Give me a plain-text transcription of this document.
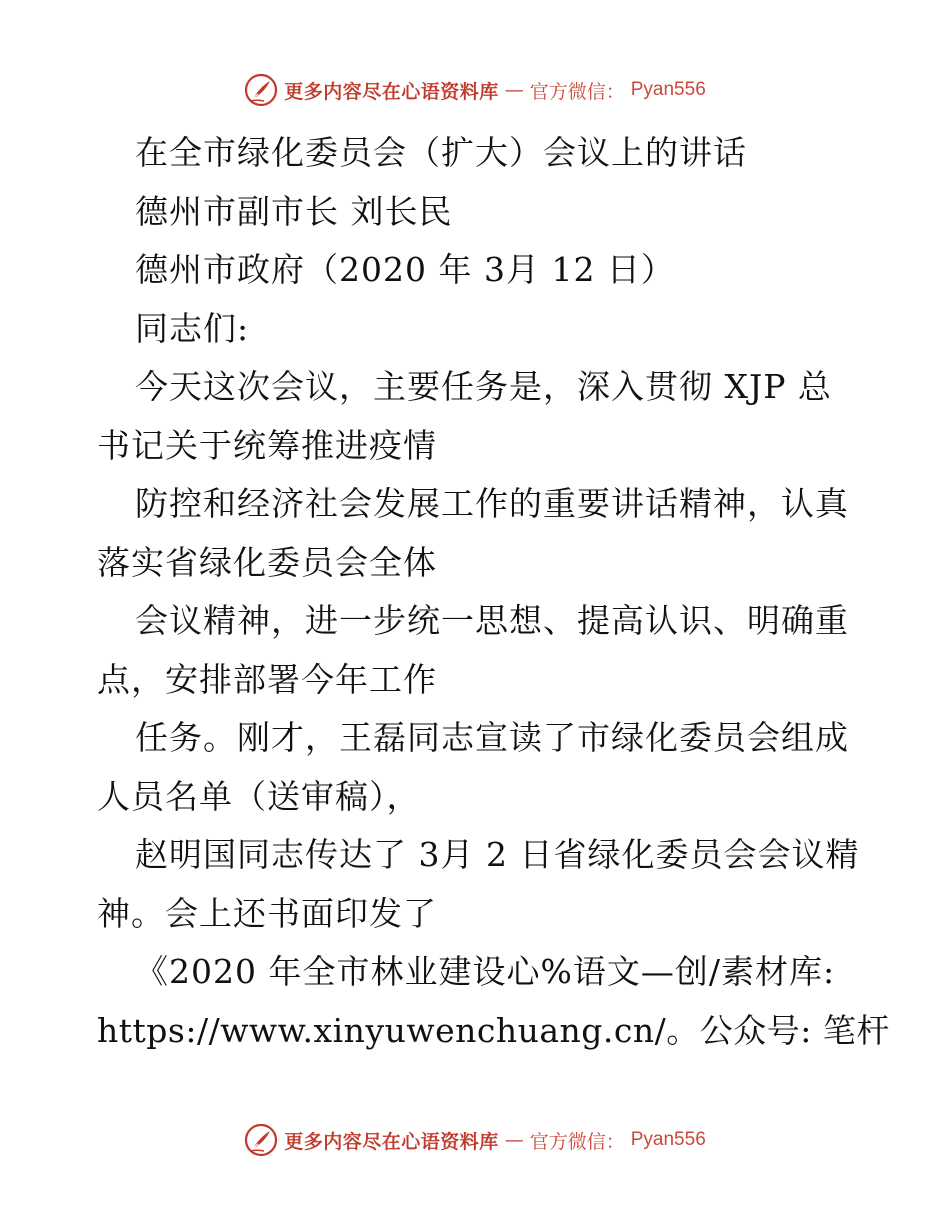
更多内容尽在心语资料库 — 官方微信： Pyan556
在全市绿化委员会（扩大）会议上的讲话
德州市副市长 刘长民
德州市政府（2020 年 3月 12 日）
同志们:
今天这次会议，主要任务是，深入贯彻 XJP 总
书记关于统筹推进疫情
防控和经济社会发展工作的重要讲话精神，认真
落实省绿化委员会全体
会议精神，进一步统一思想、提高认识、明确重
点，安排部署今年工作
任务。刚才，王磊同志宣读了市绿化委员会组成
人员名单（送审稿），
赵明国同志传达了 3月 2 日省绿化委员会会议精
神。会上还书面印发了
《2020 年全市林业建设心%语文—创/素材库:
https://www.xinyuwenchuang.cn/。公众号: 笔杆
更多内容尽在心语资料库 — 官方微信： Pyan556
